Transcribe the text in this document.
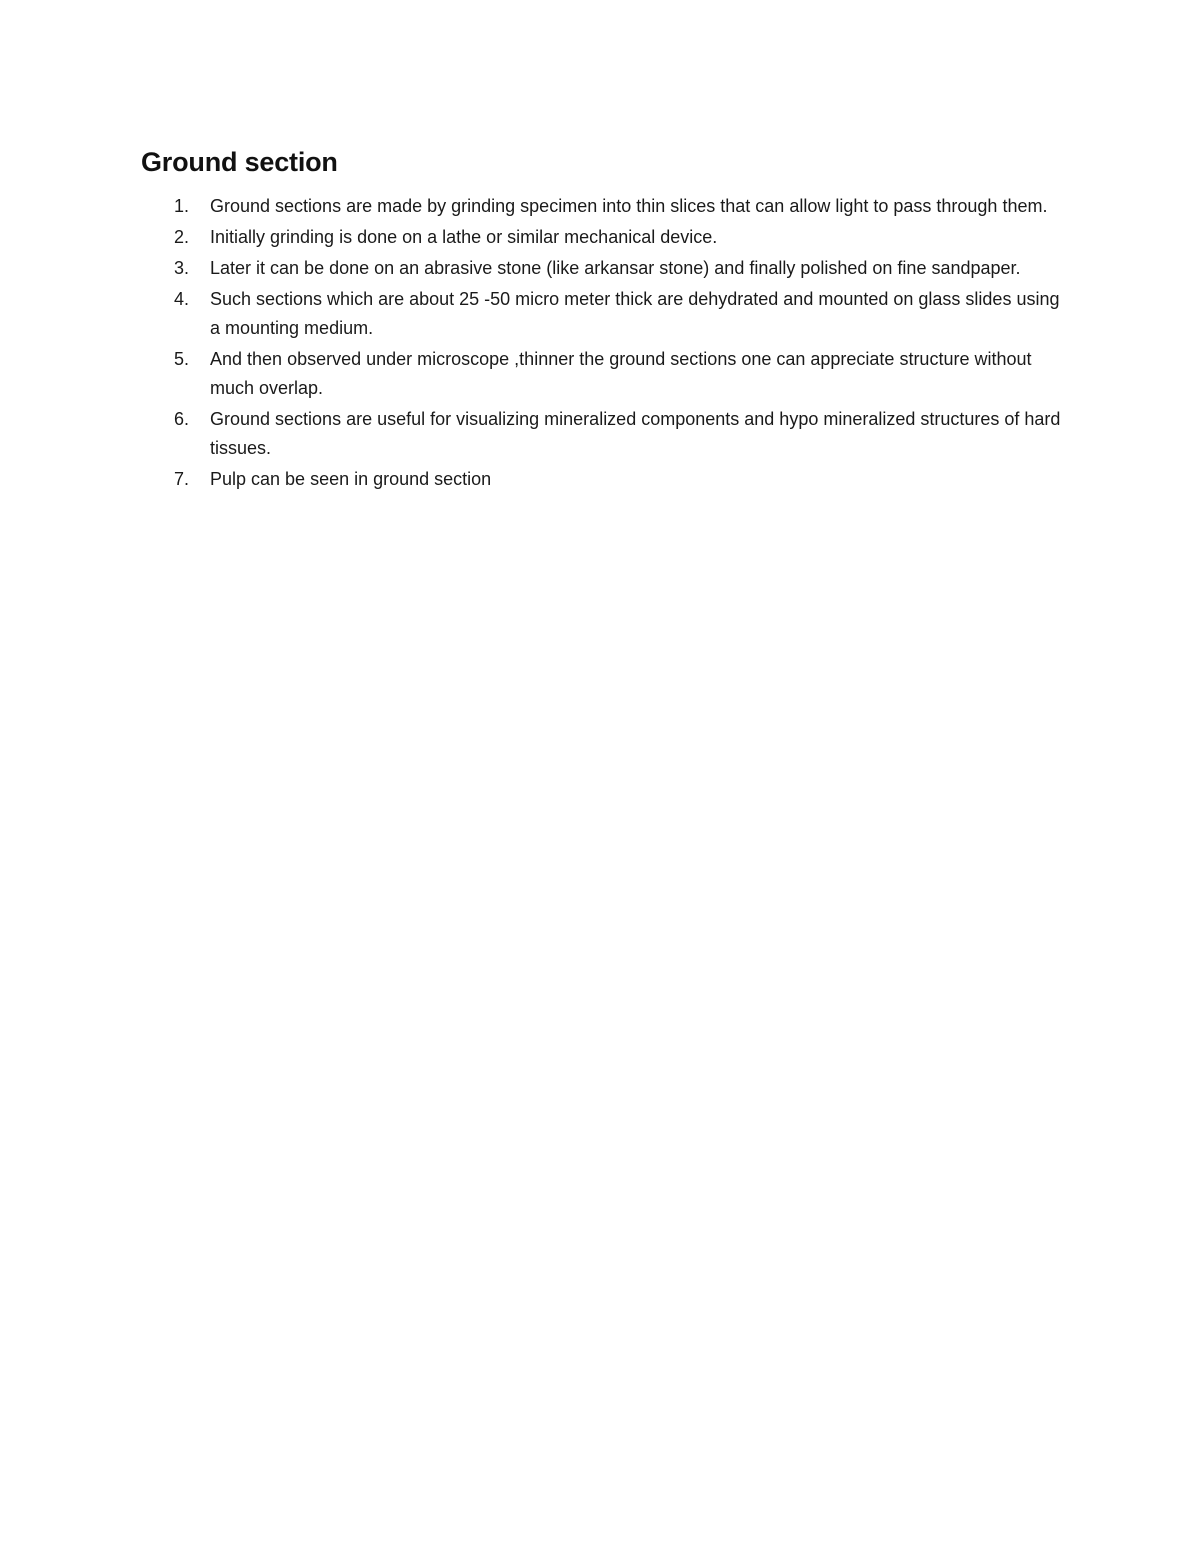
Ground section
1.	Ground sections are made by grinding specimen into thin slices that can allow light to pass through them.
2.	Initially grinding is done on a lathe or similar mechanical device.
3.	Later it can be done on an abrasive stone (like arkansar stone) and finally polished on fine sandpaper.
4.	Such sections which are about 25 -50 micro meter thick are dehydrated and mounted on glass slides using a mounting medium.
5.	And then observed under microscope ,thinner the ground sections one can appreciate structure without much overlap.
6.	Ground sections are useful for visualizing mineralized components and hypo mineralized structures of hard tissues.
7.	Pulp can be seen in ground section
